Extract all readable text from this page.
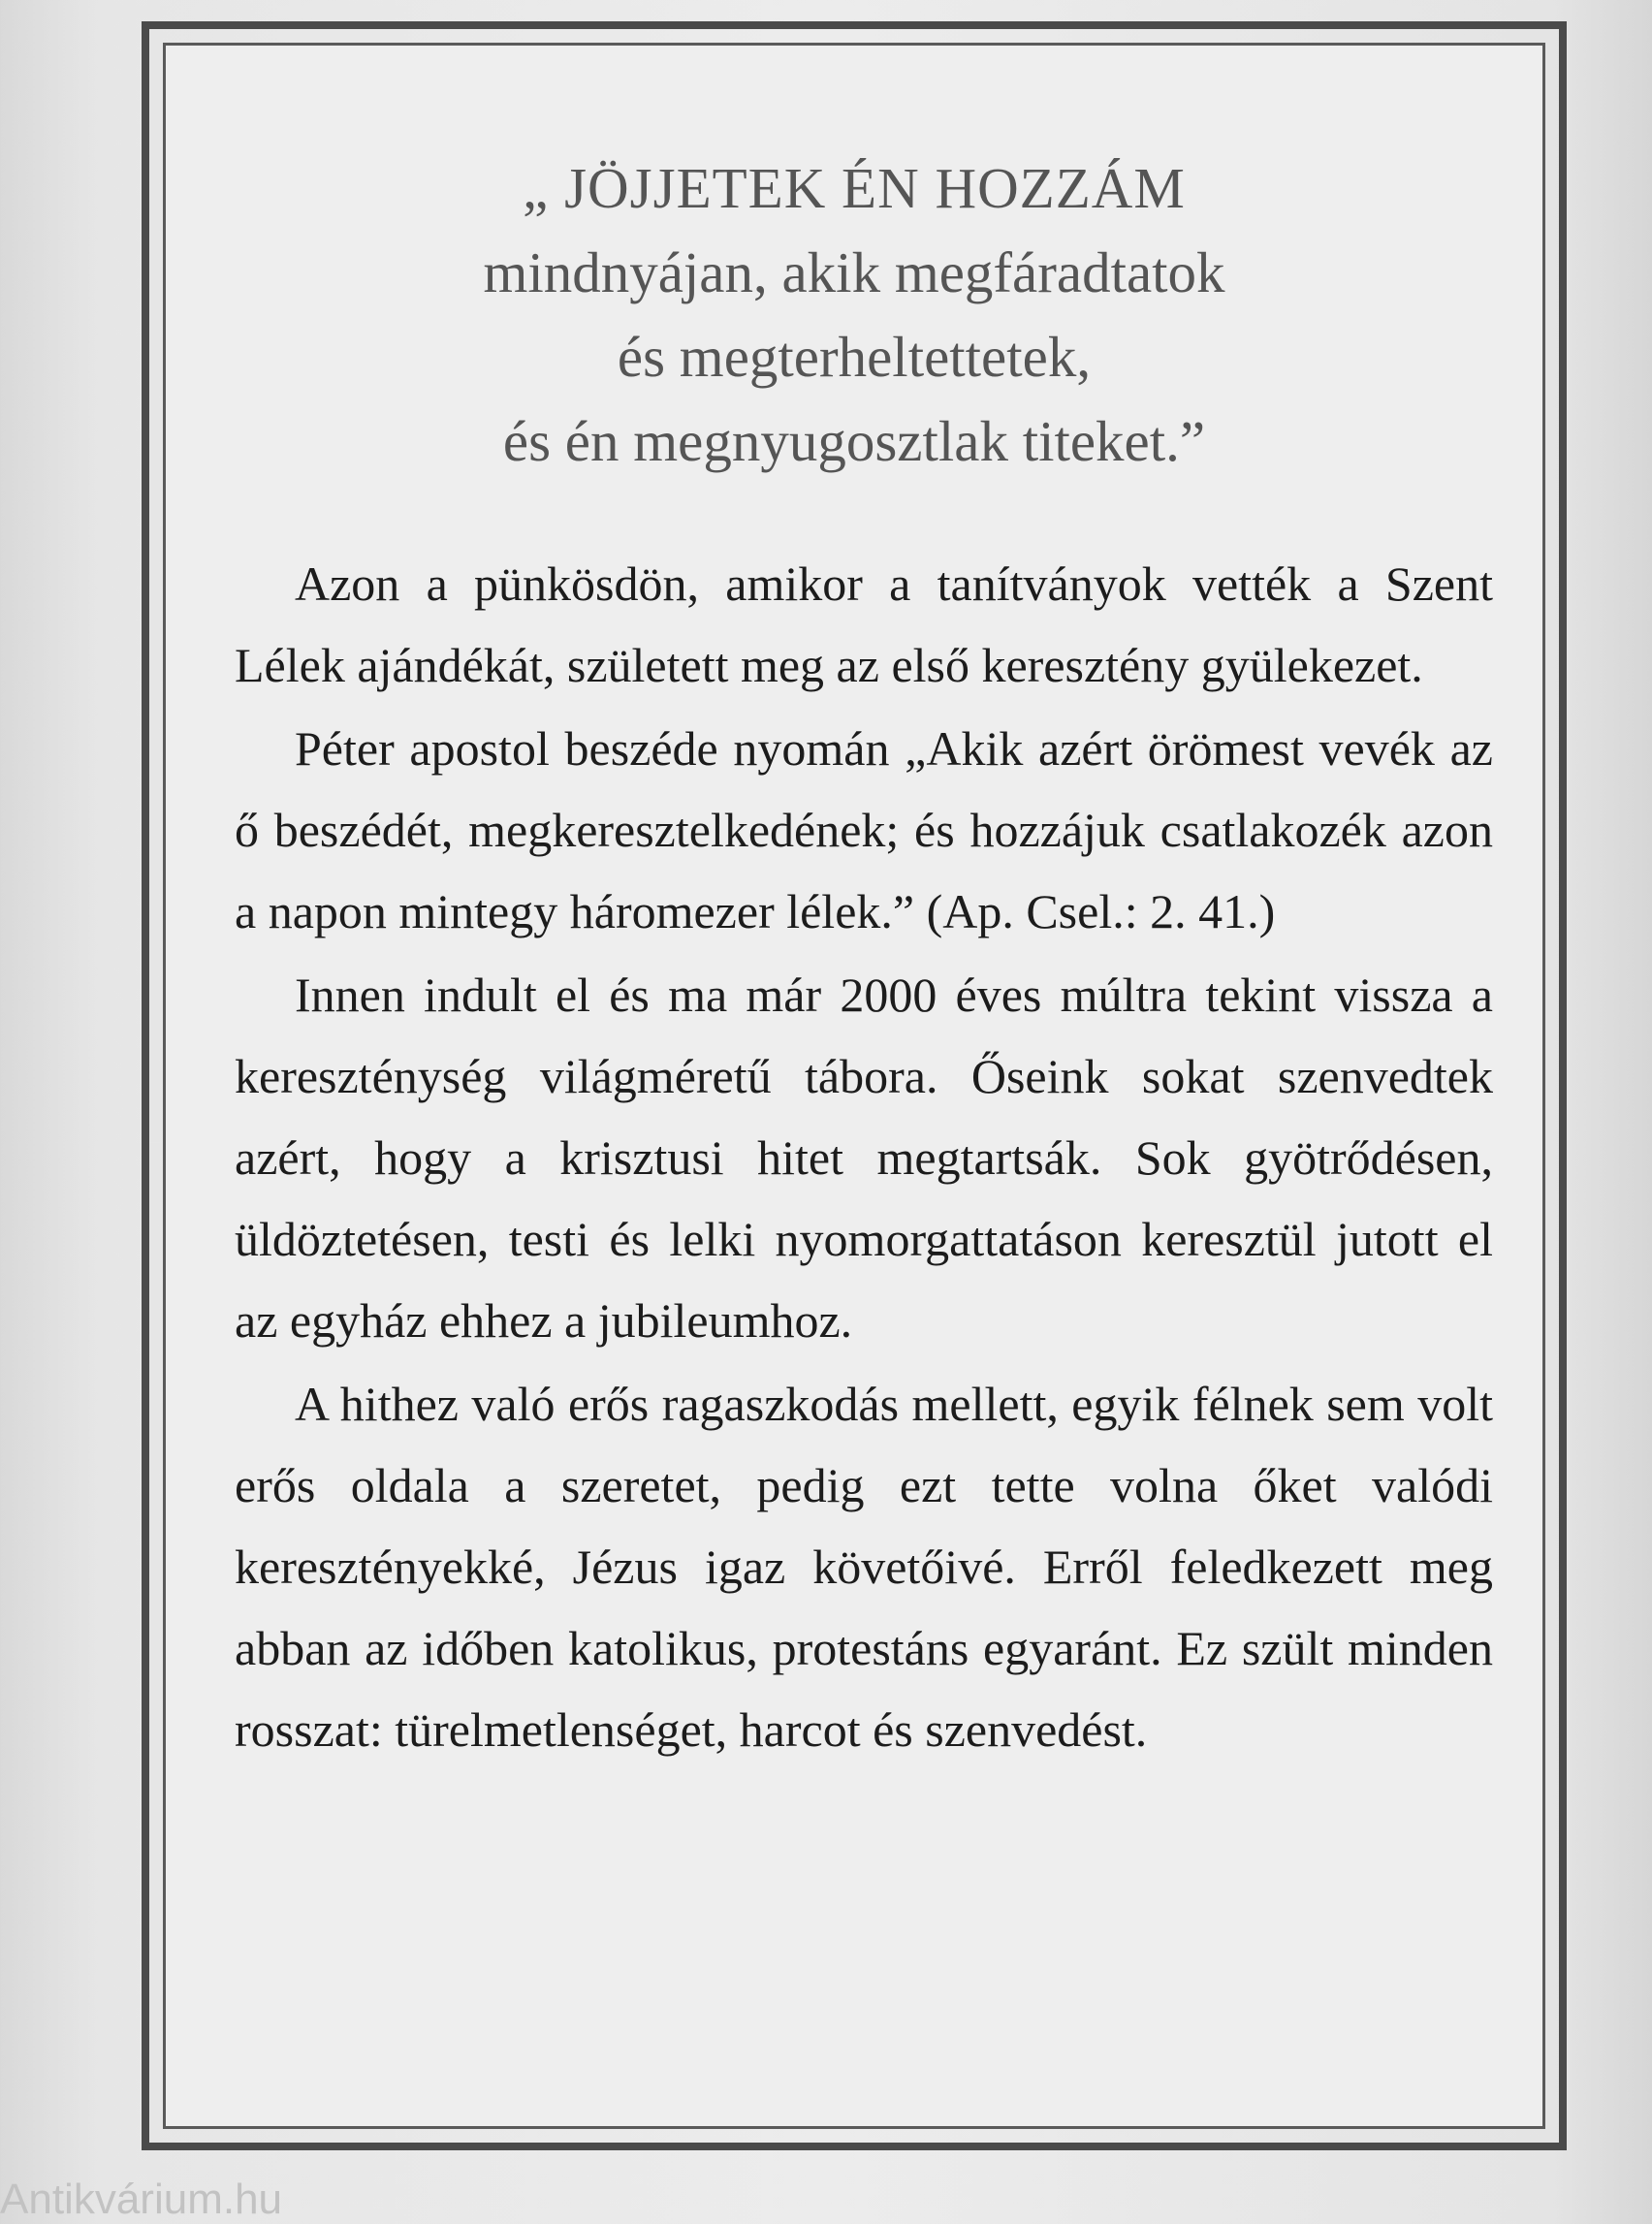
„ JÖJJETEK ÉN HOZZÁM
mindnyájan, akik megfáradtatok
és megterheltettetek,
és én megnyugosztlak titeket.”

Azon a pünkösdön, amikor a tanítványok vették a Szent Lélek ajándékát, született meg az első keresztény gyülekezet.

Péter apostol beszéde nyomán „Akik azért örömest vevék az ő beszédét, megkeresztelkedének; és hozzájuk csatlakozék azon a napon mintegy háromezer lélek.” (Ap. Csel.: 2. 41.)

Innen indult el és ma már 2000 éves múltra tekint vissza a kereszténység világméretű tábora. Őseink sokat szenvedtek azért, hogy a krisztusi hitet megtartsák. Sok gyötrődésen, üldöztetésen, testi és lelki nyomorgattatáson keresztül jutott el az egyház ehhez a jubileumhoz.

A hithez való erős ragaszkodás mellett, egyik félnek sem volt erős oldala a szeretet, pedig ezt tette volna őket valódi keresztényekké, Jézus igaz követőivé. Erről feledkezett meg abban az időben katolikus, protestáns egyaránt. Ez szült minden rosszat: türelmetlenséget, harcot és szenvedést.

Antikvárium.hu
